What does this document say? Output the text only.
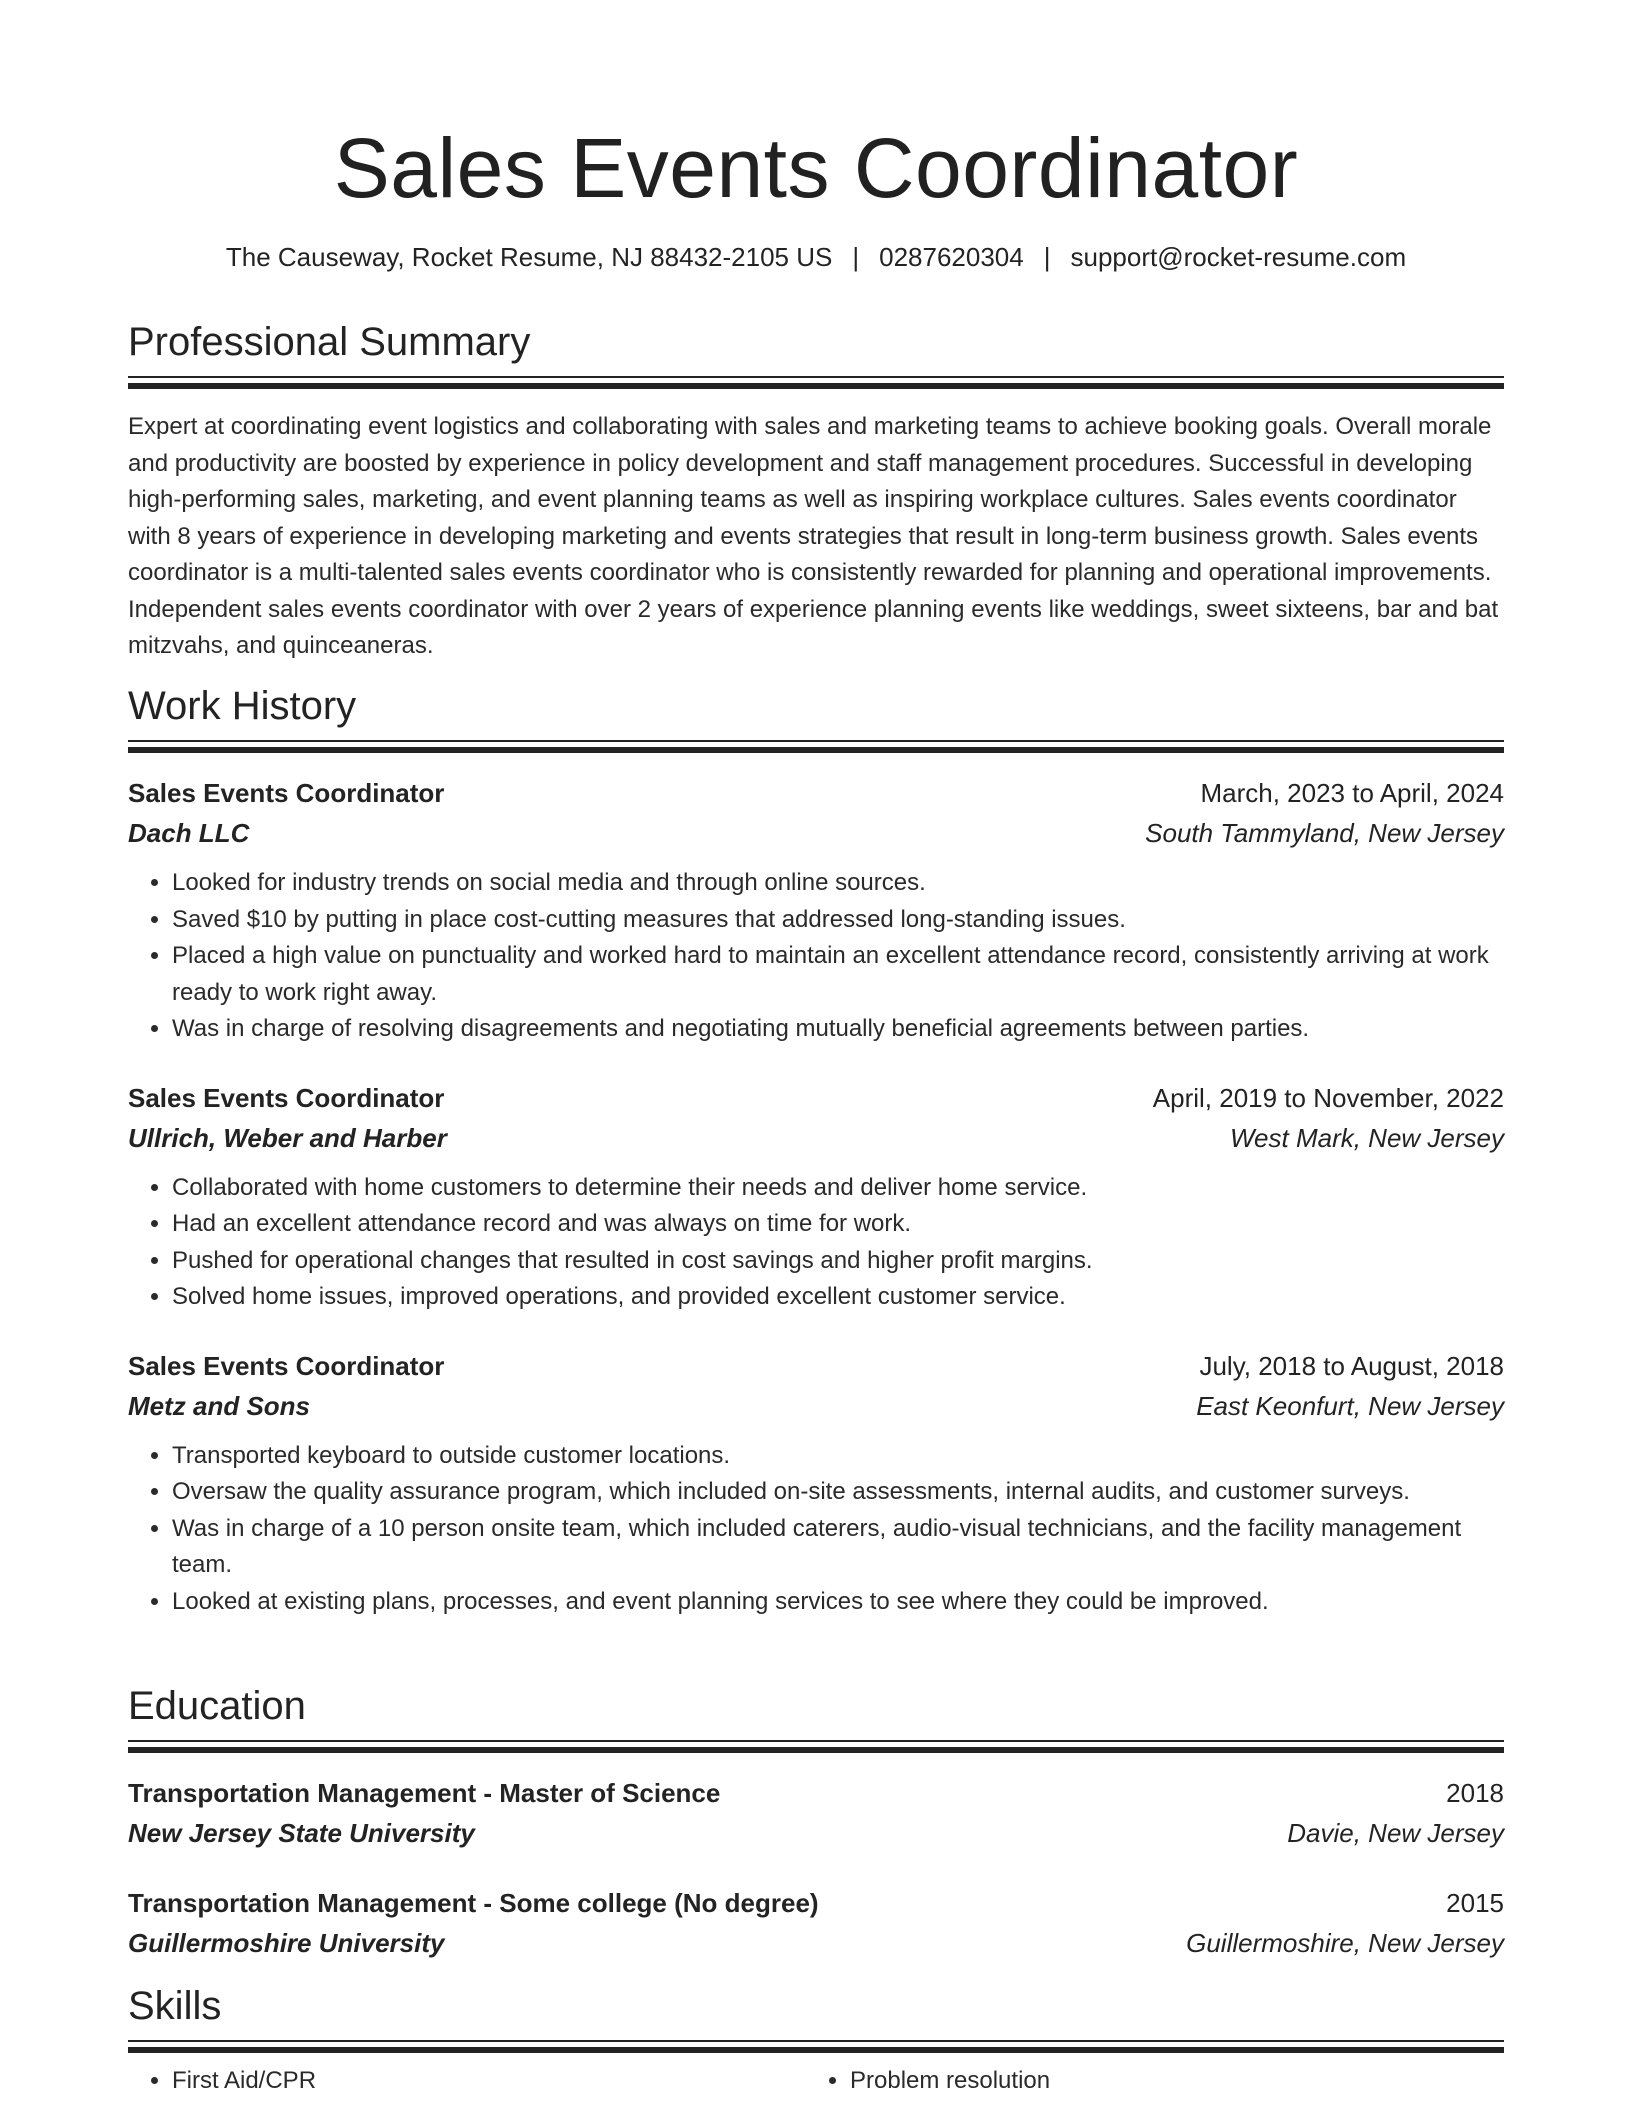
Sales Events Coordinator
The Causeway, Rocket Resume, NJ 88432-2105 US | 0287620304 | support@rocket-resume.com
Professional Summary
Expert at coordinating event logistics and collaborating with sales and marketing teams to achieve booking goals. Overall morale and productivity are boosted by experience in policy development and staff management procedures. Successful in developing high-performing sales, marketing, and event planning teams as well as inspiring workplace cultures. Sales events coordinator with 8 years of experience in developing marketing and events strategies that result in long-term business growth. Sales events coordinator is a multi-talented sales events coordinator who is consistently rewarded for planning and operational improvements. Independent sales events coordinator with over 2 years of experience planning events like weddings, sweet sixteens, bar and bat mitzvahs, and quinceaneras.
Work History
Sales Events Coordinator	March, 2023 to April, 2024
Dach LLC	South Tammyland, New Jersey
• Looked for industry trends on social media and through online sources.
• Saved $10 by putting in place cost-cutting measures that addressed long-standing issues.
• Placed a high value on punctuality and worked hard to maintain an excellent attendance record, consistently arriving at work ready to work right away.
• Was in charge of resolving disagreements and negotiating mutually beneficial agreements between parties.
Sales Events Coordinator	April, 2019 to November, 2022
Ullrich, Weber and Harber	West Mark, New Jersey
• Collaborated with home customers to determine their needs and deliver home service.
• Had an excellent attendance record and was always on time for work.
• Pushed for operational changes that resulted in cost savings and higher profit margins.
• Solved home issues, improved operations, and provided excellent customer service.
Sales Events Coordinator	July, 2018 to August, 2018
Metz and Sons	East Keonfurt, New Jersey
• Transported keyboard to outside customer locations.
• Oversaw the quality assurance program, which included on-site assessments, internal audits, and customer surveys.
• Was in charge of a 10 person onsite team, which included caterers, audio-visual technicians, and the facility management team.
• Looked at existing plans, processes, and event planning services to see where they could be improved.
Education
Transportation Management - Master of Science	2018
New Jersey State University	Davie, New Jersey
Transportation Management - Some college (No degree)	2015
Guillermoshire University	Guillermoshire, New Jersey
Skills
• First Aid/CPR
•	Problem resolution
